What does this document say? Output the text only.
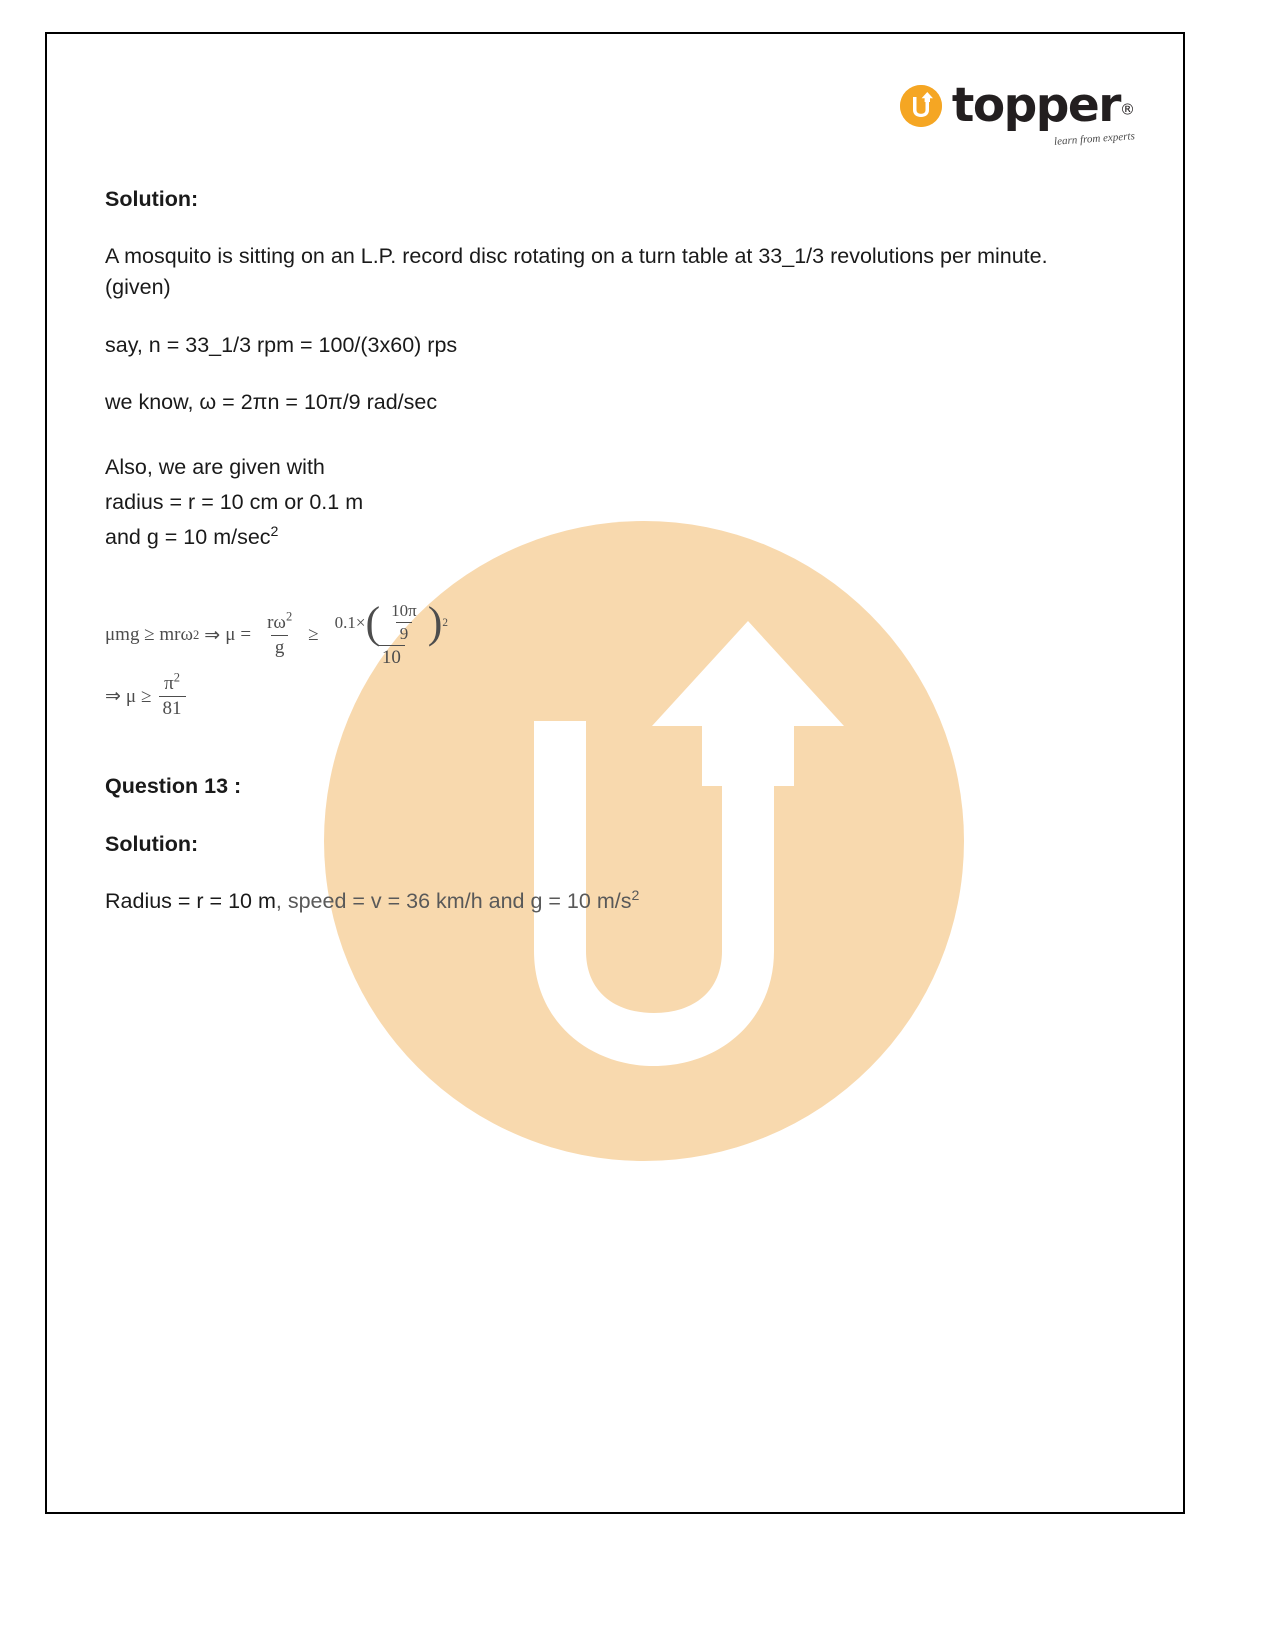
topper®
learn from experts
Solution:
A mosquito is sitting on an L.P. record disc rotating on a turn table at 33_1/3 revolutions per minute. (given)
say, n = 33_1/3 rpm = 100/(3x60) rps
we know, ω = 2πn = 10π/9 rad/sec
Also, we are given with
radius = r = 10 cm or 0.1 m
and g = 10 $m/\sec^2$
μmg ≥ mrω 2 ⇒ $\mu = \frac{r\omega^2}{g}$ ≥
0.1× ( $\frac{10\pi}{9}$ ) 2
10
⇒ $\mu \ge \frac{\pi^2}{81}$
Question 13 :
Solution:
Radius = r = 10 m, speed = v = 36 km/h and g = 10 $m/s^2$
